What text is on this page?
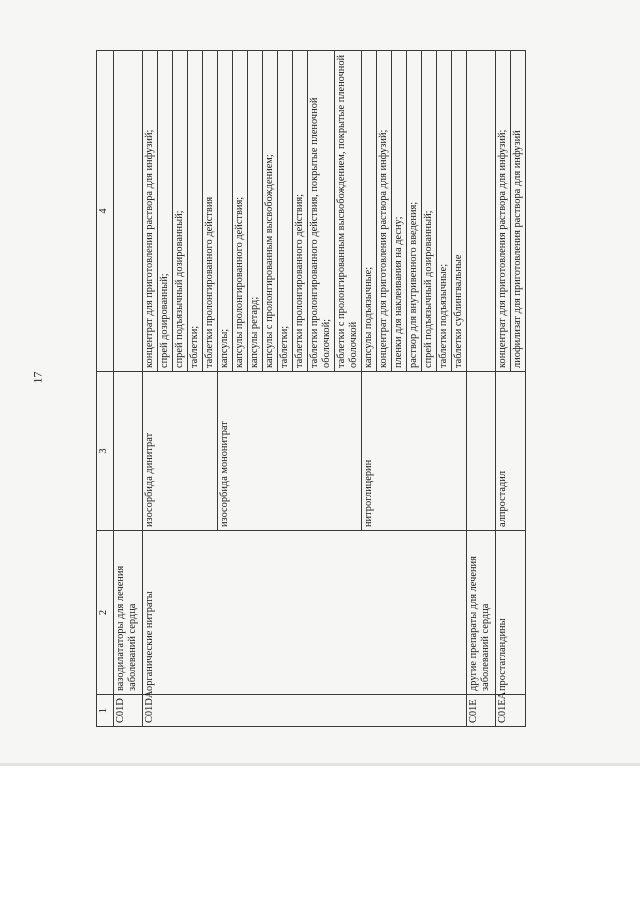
17
1	2	3	4
C01D	вазодилататоры для лечения заболеваний сердца		
C01DA	органические нитраты	изосорбида динитрат	концентрат для приготовления раствора для инфузий;
			спрей дозированный;
			спрей подъязычный дозированный;
			таблетки;
			таблетки пролонгированного действия
		изосорбида мононитрат	капсулы;
			капсулы пролонгированного действия;
			капсулы ретард;
			капсулы с пролонгированным высвобождением;
			таблетки;
			таблетки пролонгированного действия;
			таблетки пролонгированного действия, покрытые пленочной оболочкой;
			таблетки с пролонгированным высвобождением, покрытые пленочной оболочкой
		нитроглицерин	капсулы подъязычные;
			концентрат для приготовления раствора для инфузий;
			пленки для наклеивания на десну;
			раствор для внутривенного введения;
			спрей подъязычный дозированный;
			таблетки подъязычные;
			таблетки сублингвальные
C01E	другие препараты для лечения заболеваний сердца		
C01EA	простагландины	алпростадил	концентрат для приготовления раствора для инфузий;
			лиофилизат для приготовления раствора для инфузий
